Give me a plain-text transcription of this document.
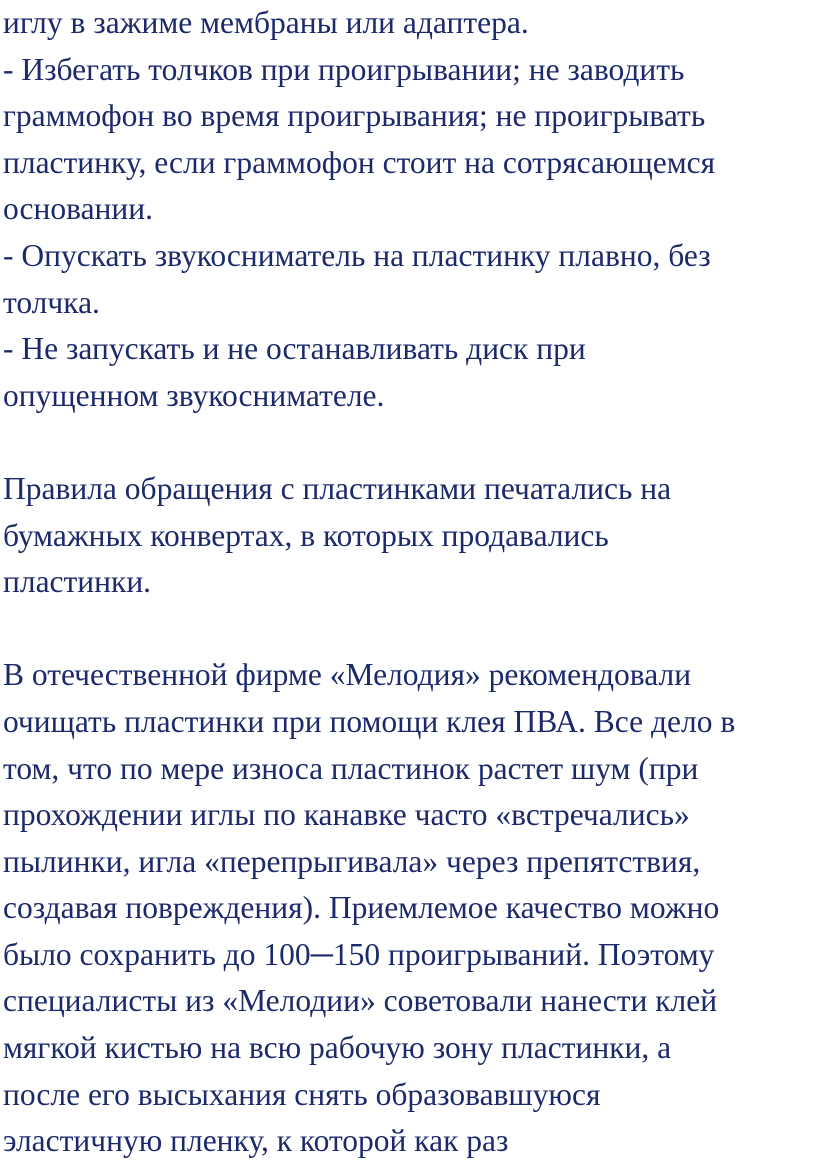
иглу в зажиме мембраны или адаптера.
- Избегать толчков при проигрывании; не заводить
граммофон во время проигрывания; не проигрывать
пластинку, если граммофон стоит на сотрясающемся
основании.
- Опускать звукосниматель на пластинку плавно, без
толчка.
- Не запускать и не останавливать диск при
опущенном звукоснимателе.
Правила обращения с пластинками печатались на
бумажных конвертах, в которых продавались
пластинки.
В отечественной фирме «Мелодия» рекомендовали
очищать пластинки при помощи клея ПВА. Все дело в
том, что по мере износа пластинок растет шум (при
прохождении иглы по канавке часто «встречались»
пылинки, игла «перепрыгивала» через препятствия,
создавая повреждения). Приемлемое качество можно
было сохранить до 100─150 проигрываний. Поэтому
специалисты из «Мелодии» советовали нанести клей
мягкой кистью на всю рабочую зону пластинки, а
после его высыхания снять образовавшуюся
эластичную пленку, к которой как раз
